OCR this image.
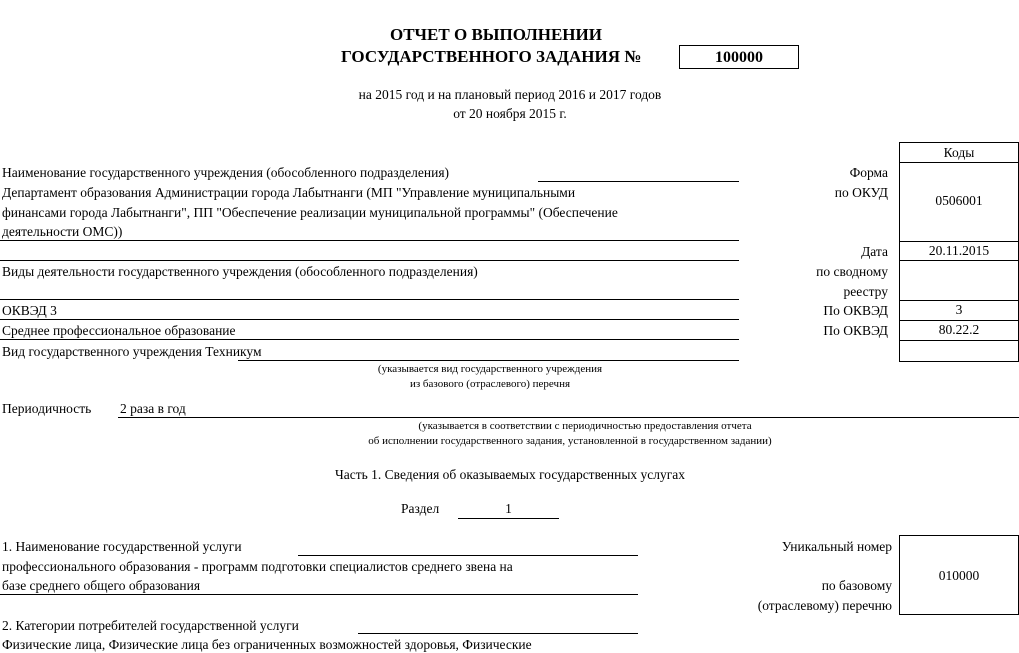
ОТЧЕТ О ВЫПОЛНЕНИИ
ГОСУДАРСТВЕННОГО ЗАДАНИЯ №	100000
на 2015 год и на плановый период 2016 и 2017 годов
от 20 ноября 2015 г.
Коды
0506001
20.11.2015
3
80.22.2
Форма
по ОКУД
Дата
по сводному
реестру
По ОКВЭД
По ОКВЭД
Наименование государственного учреждения (обособленного подразделения)
Департамент образования Администрации города Лабытнанги (МП "Управление муниципальными
финансами города Лабытнанги", ПП "Обеспечение реализации муниципальной программы" (Обеспечение
деятельности ОМС))
Виды деятельности государственного учреждения (обособленного подразделения)
ОКВЭД 3
Среднее профессиональное образование
Вид государственного учреждения Техникум
(указывается вид государственного учреждения
из базового (отраслевого) перечня
Периодичность 2 раза в год
(указывается в соответствии с периодичностью предоставления отчета
об исполнении государственного задания, установленной в государственном задании)
Часть 1. Сведения об оказываемых государственных услугах
Раздел	1
1. Наименование государственной услуги
профессионального образования - программ подготовки специалистов среднего звена на
базе среднего общего образования
2. Категории потребителей государственной услуги
Физические лица, Физические лица без ограниченных возможностей здоровья, Физические
Уникальный номер
по базовому
(отраслевому) перечню
010000
